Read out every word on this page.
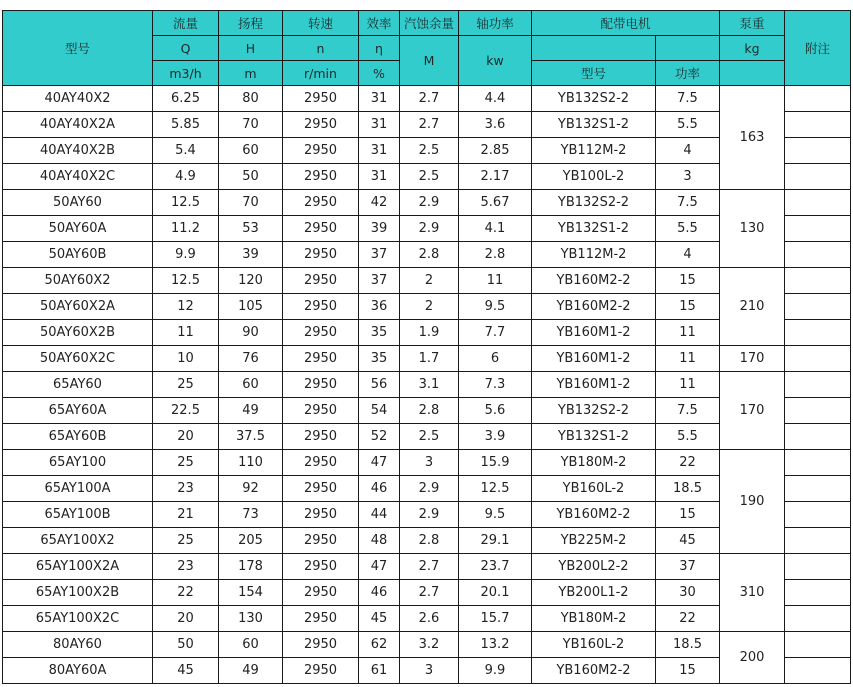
型号	流量	扬程	转速	效率	汽蚀余量	轴功率	配带电机		泵重	附注
	Q	H	n	η	M	kw			kg	
	m3/h	m	r/min	%			型号	功率		
40AY40X2	6.25	80	2950	31	2.7	4.4	YB132S2-2	7.5	163	
40AY40X2A	5.85	70	2950	31	2.7	3.6	YB132S1-2	5.5		
40AY40X2B	5.4	60	2950	31	2.5	2.85	YB112M-2	4		
40AY40X2C	4.9	50	2950	31	2.5	2.17	YB100L-2	3		
50AY60	12.5	70	2950	42	2.9	5.67	YB132S2-2	7.5	130	
50AY60A	11.2	53	2950	39	2.9	4.1	YB132S1-2	5.5		
50AY60B	9.9	39	2950	37	2.8	2.8	YB112M-2	4		
50AY60X2	12.5	120	2950	37	2	11	YB160M2-2	15	210	
50AY60X2A	12	105	2950	36	2	9.5	YB160M2-2	15		
50AY60X2B	11	90	2950	35	1.9	7.7	YB160M1-2	11		
50AY60X2C	10	76	2950	35	1.7	6	YB160M1-2	11	170	
65AY60	25	60	2950	56	3.1	7.3	YB160M1-2	11	170	
65AY60A	22.5	49	2950	54	2.8	5.6	YB132S2-2	7.5		
65AY60B	20	37.5	2950	52	2.5	3.9	YB132S1-2	5.5		
65AY100	25	110	2950	47	3	15.9	YB180M-2	22	190	
65AY100A	23	92	2950	46	2.9	12.5	YB160L-2	18.5		
65AY100B	21	73	2950	44	2.9	9.5	YB160M2-2	15		
65AY100X2	25	205	2950	48	2.8	29.1	YB225M-2	45		
65AY100X2A	23	178	2950	47	2.7	23.7	YB200L2-2	37	310	
65AY100X2B	22	154	2950	46	2.7	20.1	YB200L1-2	30		
65AY100X2C	20	130	2950	45	2.6	15.7	YB180M-2	22		
80AY60	50	60	2950	62	3.2	13.2	YB160L-2	18.5	200	
80AY60A	45	49	2950	61	3	9.9	YB160M2-2	15		
